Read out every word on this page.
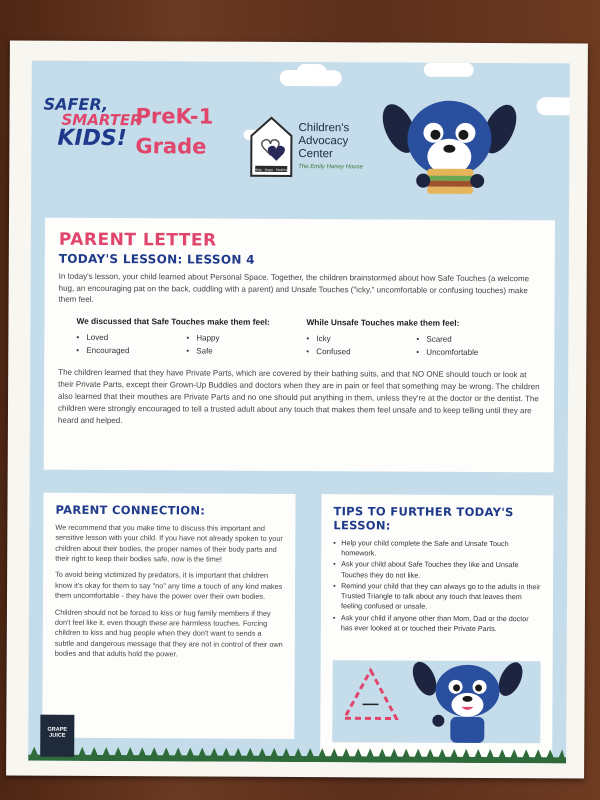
SAFER,
SMARTER
KIDS!
PreK-1
Grade
Help · Hope · Healing
Children's
Advocacy
Center
The Emily Haney House
PARENT LETTER
TODAY'S LESSON: LESSON 4

In today's lesson, your child learned about Personal Space. Together, the children brainstormed about how Safe Touches (a welcome hug, an encouraging pat on the back, cuddling with a parent) and Unsafe Touches ("icky," uncomfortable or confusing touches) make them feel.

We discussed that Safe Touches make them feel:
• Loved
• Encouraged
• Happy
• Safe
While Unsafe Touches make them feel:
• Icky
• Confused
• Scared
• Uncomfortable

The children learned that they have Private Parts, which are covered by their bathing suits, and that NO ONE should touch or look at their Private Parts, except their Grown-Up Buddies and doctors when they are in pain or feel that something may be wrong. The children also learned that their mouthes are Private Parts and no one should put anything in them, unless they're at the doctor or the dentist. The children were strongly encouraged to tell a trusted adult about any touch that makes them feel unsafe and to keep telling until they are heard and helped.

PARENT CONNECTION:

We recommend that you make time to discuss this important and sensitive lesson with your child. If you have not already spoken to your children about their bodies, the proper names of their body parts and their right to keep their bodies safe, now is the time!

To avoid being victimized by predators, it is important that children know it's okay for them to say "no" any time a touch of any kind makes them uncomfortable - they have the power over their own bodies.

Children should not be forced to kiss or hug family members if they don't feel like it, even though these are harmless touches. Forcing children to kiss and hug people when they don't want to sends a subtle and dangerous message that they are not in control of their own bodies and that adults hold the power.

TIPS TO FURTHER TODAY'S LESSON:
• Help your child complete the Safe and Unsafe Touch homework.
• Ask your child about Safe Touches they like and Unsafe Touches they do not like.
• Remind your child that they can always go to the adults in their Trusted Triangle to talk about any touch that leaves them feeling confused or unsafe.
• Ask your child if anyone other than Mom, Dad or the doctor has ever looked at or touched their Private Parts.
GRAPE
JUICE
